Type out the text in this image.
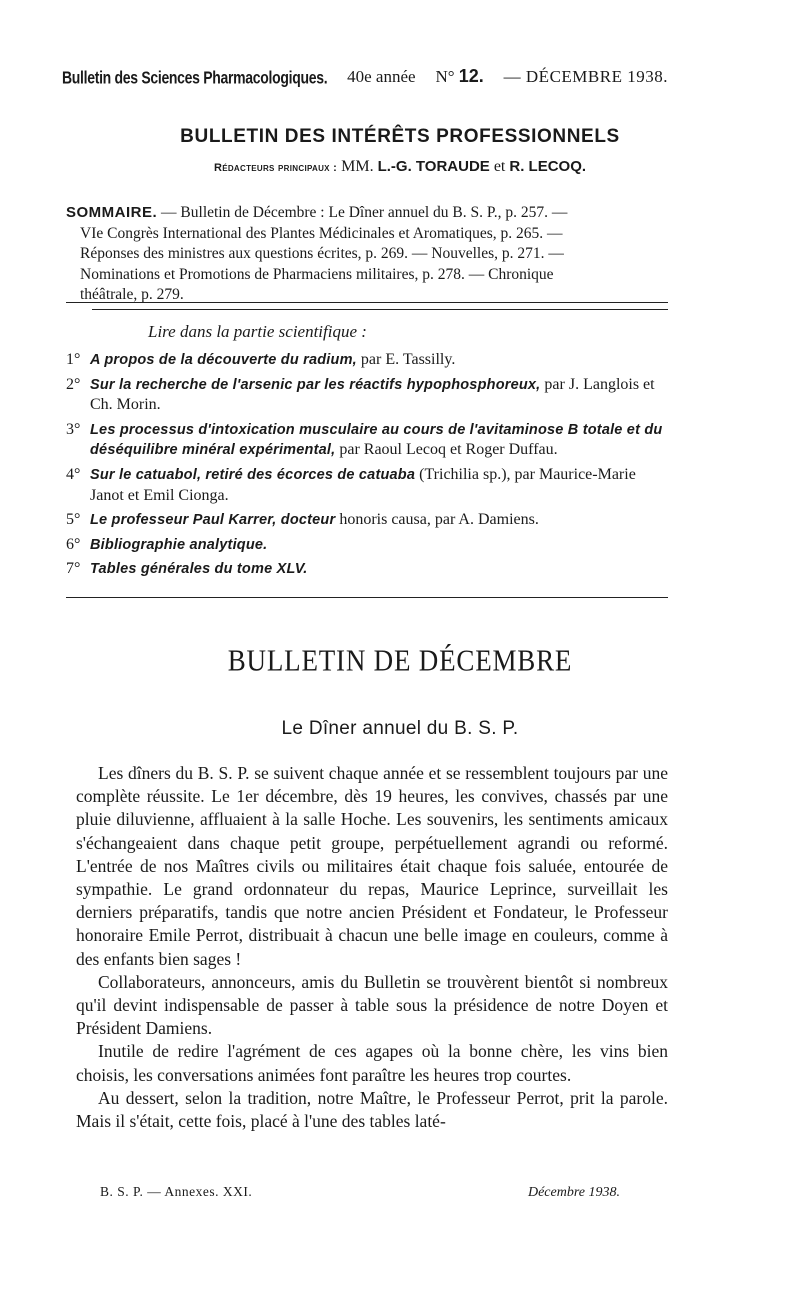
Bulletin des Sciences Pharmacologiques. 40e année N° 12. — DÉCEMBRE 1938.
BULLETIN DES INTÉRÊTS PROFESSIONNELS
Rédacteurs principaux : MM. L.-G. TORAUDE et R. LECOQ.

SOMMAIRE. — Bulletin de Décembre : Le Dîner annuel du B. S. P., p. 257. —

VIe Congrès International des Plantes Médicinales et Aromatiques, p. 265. —

Réponses des ministres aux questions écrites, p. 269. — Nouvelles, p. 271. —

Nominations et Promotions de Pharmaciens militaires, p. 278. — Chronique

théâtrale, p. 279.

Lire dans la partie scientifique :
1° A propos de la découverte du radium, par E. Tassilly.
2° Sur la recherche de l'arsenic par les réactifs hypophosphoreux, par J. Langlois et Ch. Morin.
3° Les processus d'intoxication musculaire au cours de l'avitaminose B totale et du déséquilibre minéral expérimental, par Raoul Lecoq et Roger Duffau.
4° Sur le catuabol, retiré des écorces de catuaba (Trichilia sp.), par Maurice-Marie Janot et Emil Cionga.
5° Le professeur Paul Karrer, docteur honoris causa, par A. Damiens.
6° Bibliographie analytique.
7° Tables générales du tome XLV.
BULLETIN DE DÉCEMBRE
Le Dîner annuel du B. S. P.

Les dîners du B. S. P. se suivent chaque année et se ressemblent toujours par une complète réussite. Le 1er décembre, dès 19 heures, les convives, chassés par une pluie diluvienne, affluaient à la salle Hoche. Les souvenirs, les sentiments amicaux s'échangeaient dans chaque petit groupe, perpétuellement agrandi ou reformé. L'entrée de nos Maîtres civils ou militaires était chaque fois saluée, entourée de sympathie. Le grand ordonnateur du repas, Maurice Leprince, surveillait les derniers préparatifs, tandis que notre ancien Président et Fondateur, le Professeur honoraire Emile Perrot, distribuait à chacun une belle image en couleurs, comme à des enfants bien sages !

Collaborateurs, annonceurs, amis du Bulletin se trouvèrent bientôt si nombreux qu'il devint indispensable de passer à table sous la présidence de notre Doyen et Président Damiens.

Inutile de redire l'agrément de ces agapes où la bonne chère, les vins bien choisis, les conversations animées font paraître les heures trop courtes.

Au dessert, selon la tradition, notre Maître, le Professeur Perrot, prit la parole. Mais il s'était, cette fois, placé à l'une des tables laté-

B. S. P. — Annexes. XXI.	Décembre 1938.
